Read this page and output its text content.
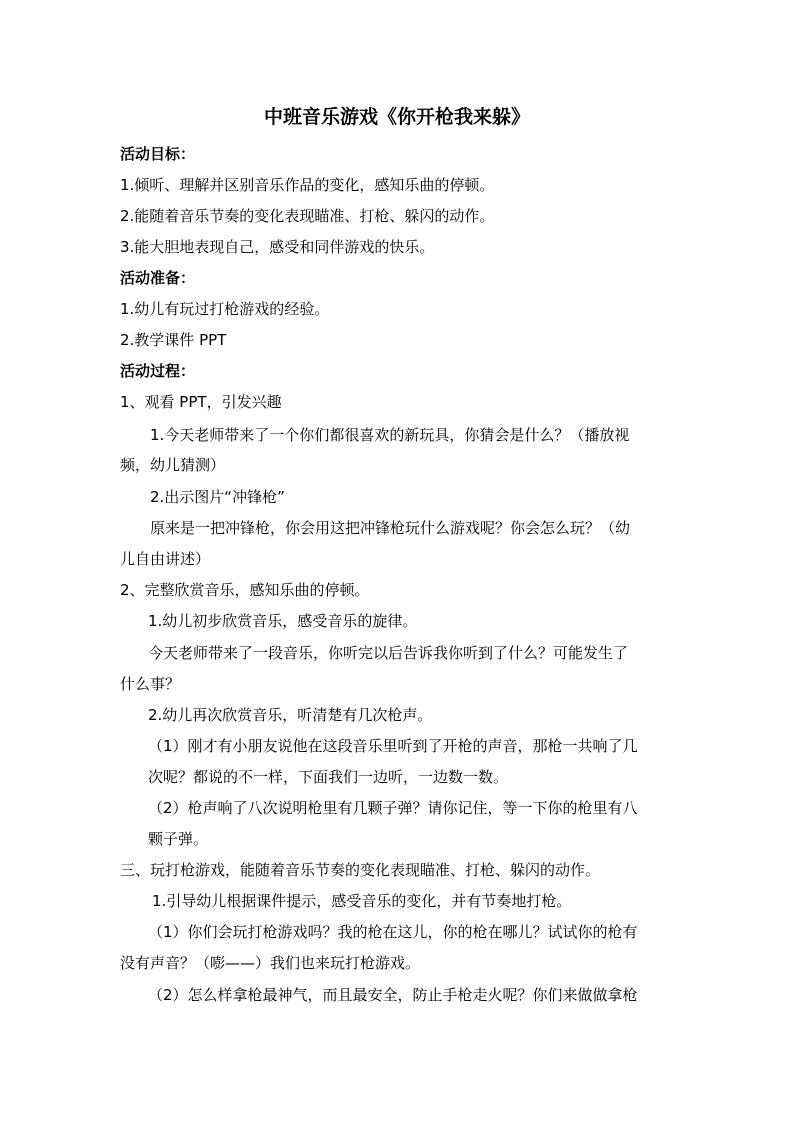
中班音乐游戏《你开枪我来躲》
活动目标：
1.倾听、理解并区别音乐作品的变化，感知乐曲的停顿。
2.能随着音乐节奏的变化表现瞄准、打枪、躲闪的动作。
3.能大胆地表现自己，感受和同伴游戏的快乐。
活动准备：
1.幼儿有玩过打枪游戏的经验。
2.教学课件 PPT
活动过程：
1、观看 PPT，引发兴趣
1.今天老师带来了一个你们都很喜欢的新玩具，你猜会是什么？（播放视
频，幼儿猜测）
2.出示图片“冲锋枪”
原来是一把冲锋枪，你会用这把冲锋枪玩什么游戏呢？你会怎么玩？（幼
儿自由讲述）
2、完整欣赏音乐，感知乐曲的停顿。
1.幼儿初步欣赏音乐，感受音乐的旋律。
今天老师带来了一段音乐，你听完以后告诉我你听到了什么？可能发生了
什么事？
2.幼儿再次欣赏音乐，听清楚有几次枪声。
（1）刚才有小朋友说他在这段音乐里听到了开枪的声音，那枪一共响了几
次呢？都说的不一样，下面我们一边听，一边数一数。
（2）枪声响了八次说明枪里有几颗子弹？请你记住，等一下你的枪里有八
颗子弹。
三、玩打枪游戏，能随着音乐节奏的变化表现瞄准、打枪、躲闪的动作。
1.引导幼儿根据课件提示，感受音乐的变化，并有节奏地打枪。
（1）你们会玩打枪游戏吗？我的枪在这儿，你的枪在哪儿？试试你的枪有
没有声音？（嘭——）我们也来玩打枪游戏。
（2）怎么样拿枪最神气，而且最安全，防止手枪走火呢？你们来做做拿枪
